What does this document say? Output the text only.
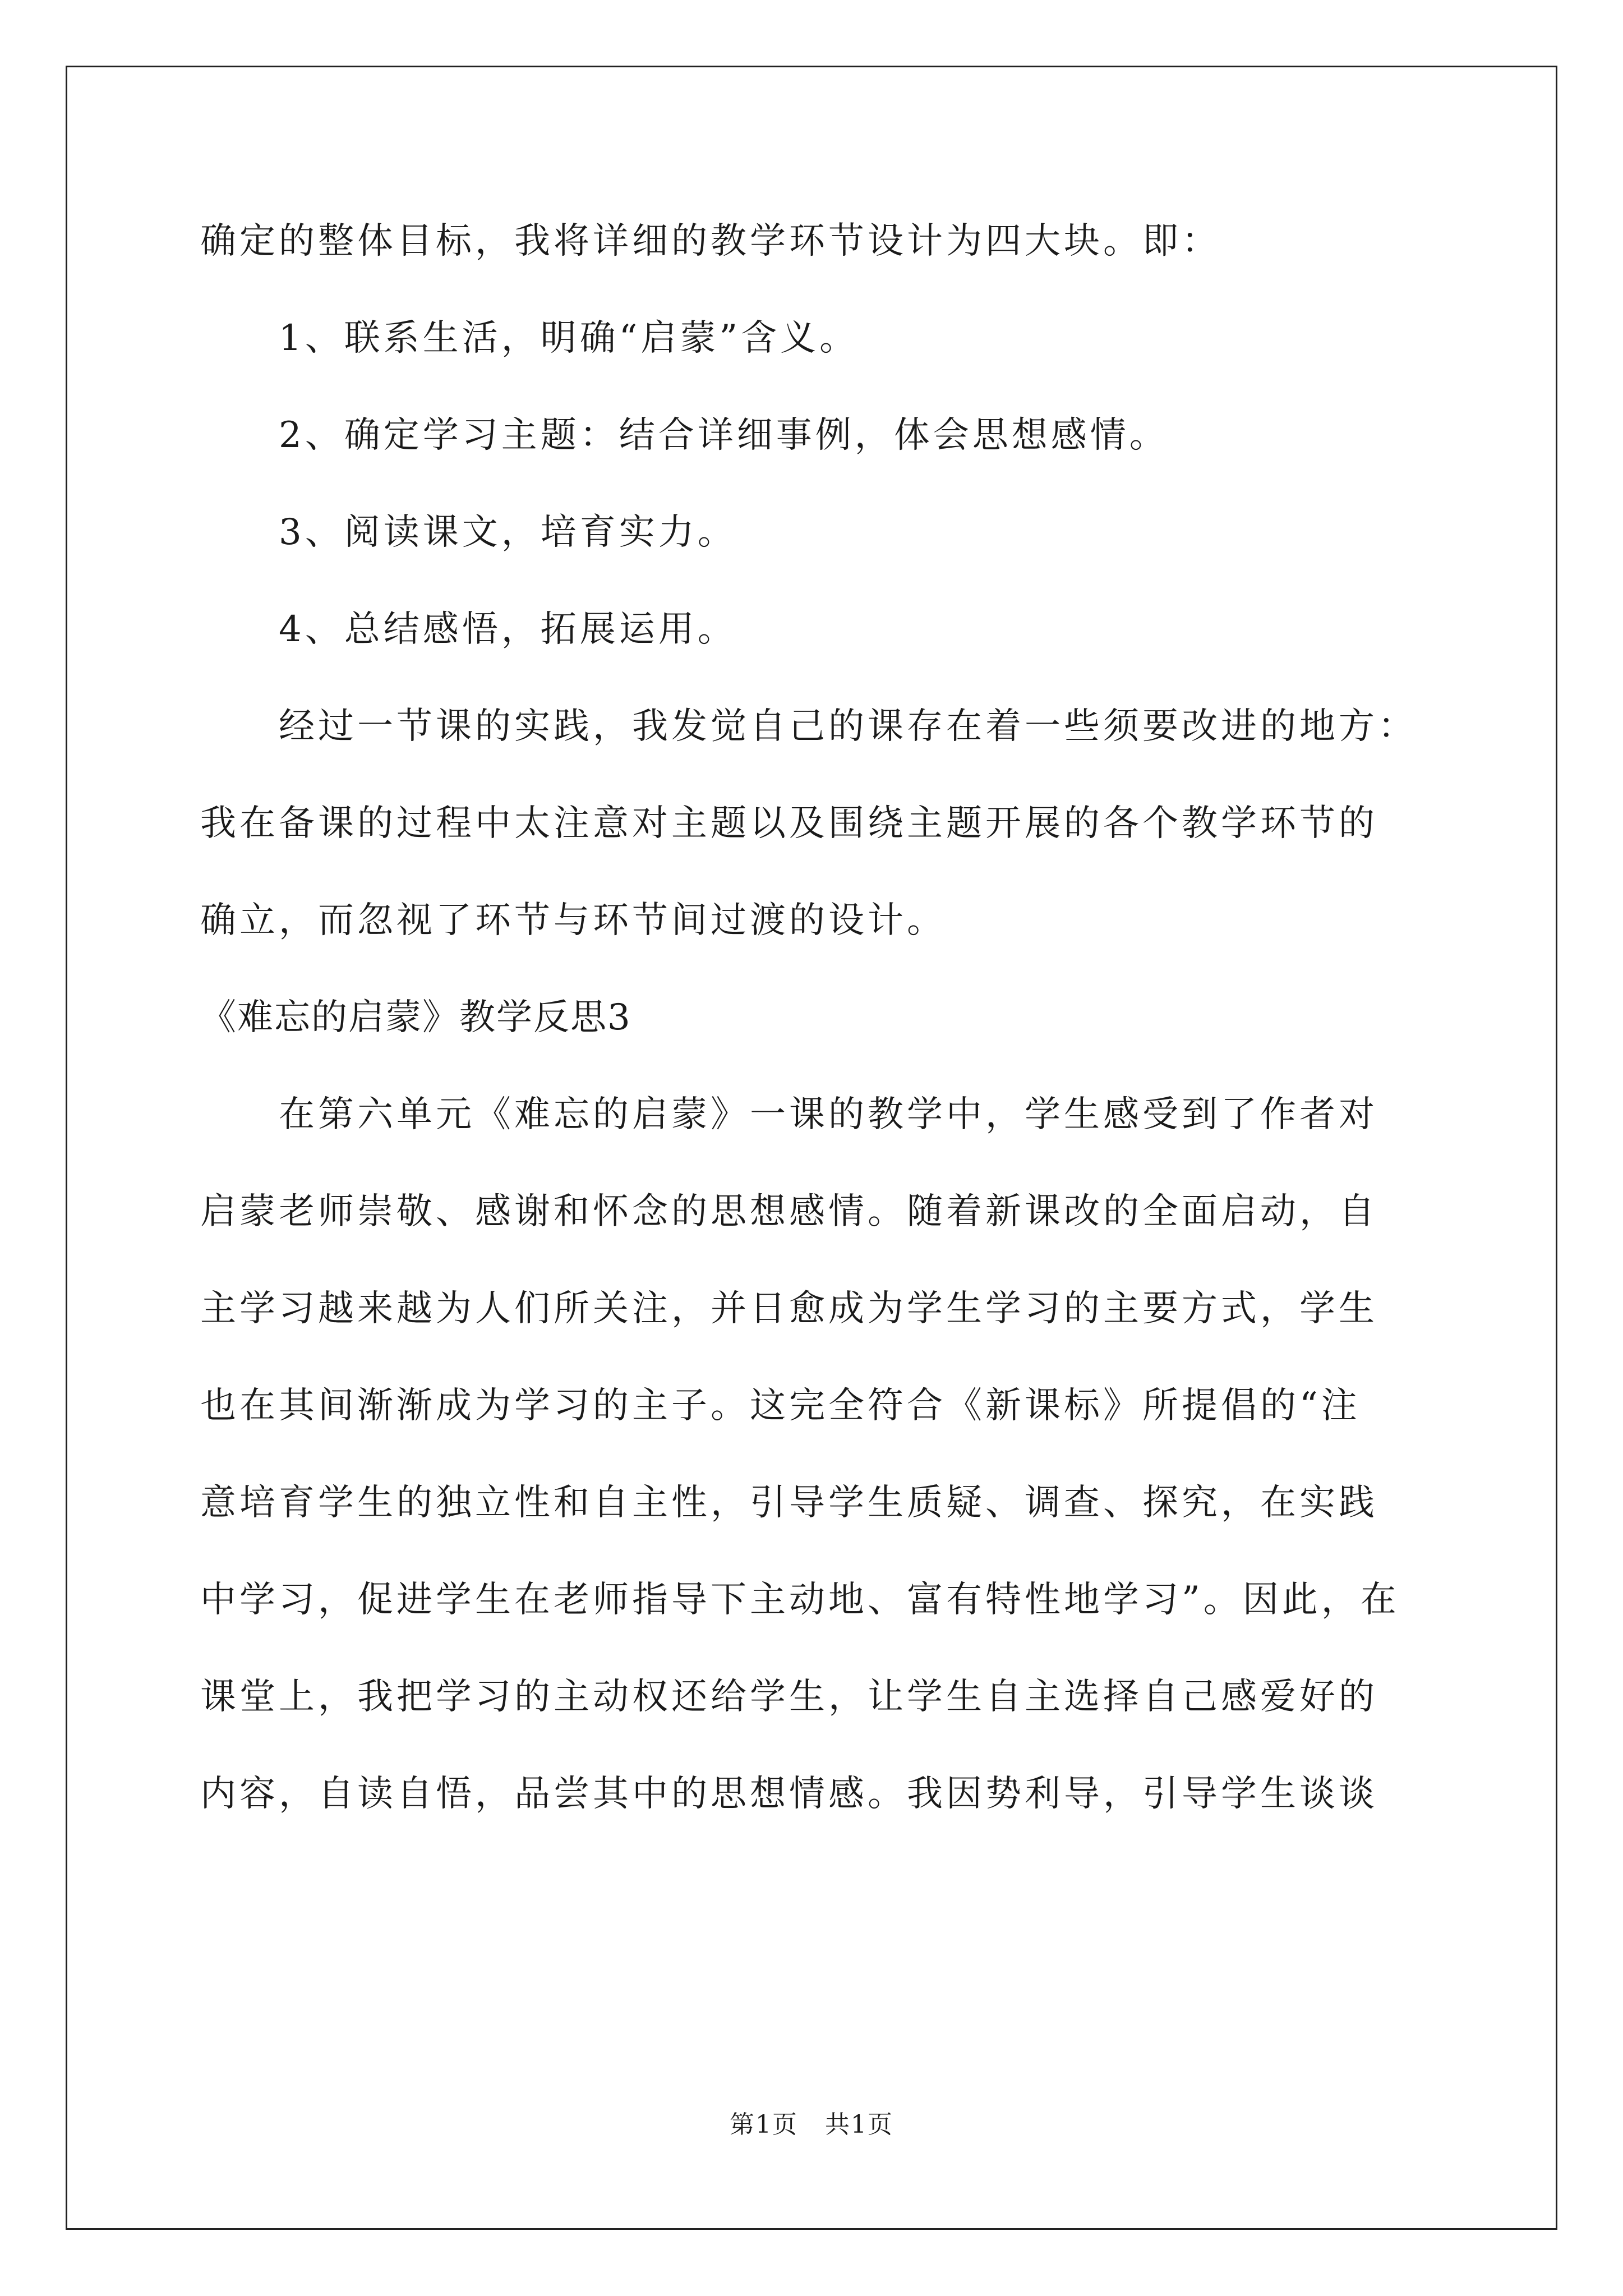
确定的整体目标，我将详细的教学环节设计为四大块。即：
1、联系生活，明确“启蒙”含义。
2、确定学习主题：结合详细事例，体会思想感情。
3、阅读课文，培育实力。
4、总结感悟，拓展运用。
经过一节课的实践，我发觉自己的课存在着一些须要改进的地方：
我在备课的过程中太注意对主题以及围绕主题开展的各个教学环节的
确立，而忽视了环节与环节间过渡的设计。
《难忘的启蒙》教学反思3
在第六单元《难忘的启蒙》一课的教学中，学生感受到了作者对
启蒙老师崇敬、感谢和怀念的思想感情。随着新课改的全面启动，自
主学习越来越为人们所关注，并日愈成为学生学习的主要方式，学生
也在其间渐渐成为学习的主子。这完全符合《新课标》所提倡的“注
意培育学生的独立性和自主性，引导学生质疑、调查、探究，在实践
中学习，促进学生在老师指导下主动地、富有特性地学习”。因此，在
课堂上，我把学习的主动权还给学生，让学生自主选择自己感爱好的
内容，自读自悟，品尝其中的思想情感。我因势利导，引导学生谈谈
第1页   共1页
